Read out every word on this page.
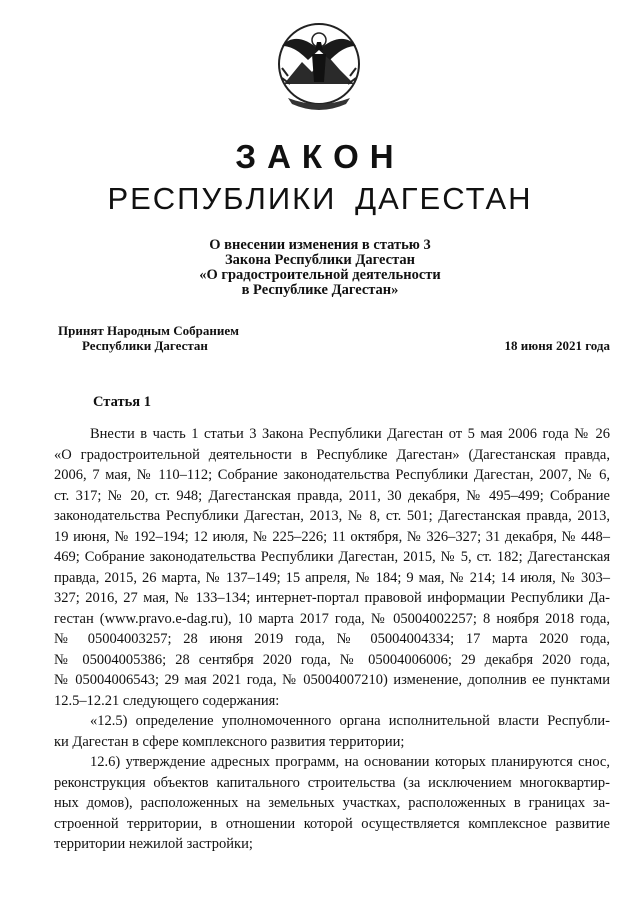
ЗАКОН
РЕСПУБЛИКИ ДАГЕСТАН
О внесении изменения в статью 3
Закона Республики Дагестан
«О градостроительной деятельности
в Республике Дагестан»
Принят Народным Собранием
Республики Дагестан	18 июня 2021 года
Статья 1
Внести в часть 1 статьи 3 Закона Республики Дагестан от 5 мая 2006 года № 26
«О градостроительной деятельности в Республике Дагестан» (Дагестанская правда,
2006, 7 мая, № 110–112; Собрание законодательства Республики Дагестан, 2007, № 6,
ст. 317; № 20, ст. 948; Дагестанская правда, 2011, 30 декабря, № 495–499; Собрание
законодательства Республики Дагестан, 2013, № 8, ст. 501; Дагестанская правда, 2013,
19 июня, № 192–194; 12 июля, № 225–226; 11 октября, № 326–327; 31 декабря, № 448–
469; Собрание законодательства Республики Дагестан, 2015, № 5, ст. 182; Дагестанская
правда, 2015, 26 марта, № 137–149; 15 апреля, № 184; 9 мая, № 214; 14 июля, № 303–
327; 2016, 27 мая, № 133–134; интернет-портал правовой информации Республики Да-
гестан (www.pravo.e-dag.ru), 10 марта 2017 года, № 05004002257; 8 ноября 2018 года,
№ 05004003257; 28 июня 2019 года, № 05004004334; 17 марта 2020 года,
№ 05004005386; 28 сентября 2020 года, № 05004006006; 29 декабря 2020 года,
№ 05004006543; 29 мая 2021 года, № 05004007210) изменение, дополнив ее пунктами
12.5–12.21 следующего содержания:
«12.5) определение уполномоченного органа исполнительной власти Республи-
ки Дагестан в сфере комплексного развития территории;
12.6) утверждение адресных программ, на основании которых планируются снос,
реконструкция объектов капитального строительства (за исключением многоквартир-
ных домов), расположенных на земельных участках, расположенных в границах за-
строенной территории, в отношении которой осуществляется комплексное развитие
территории нежилой застройки;
